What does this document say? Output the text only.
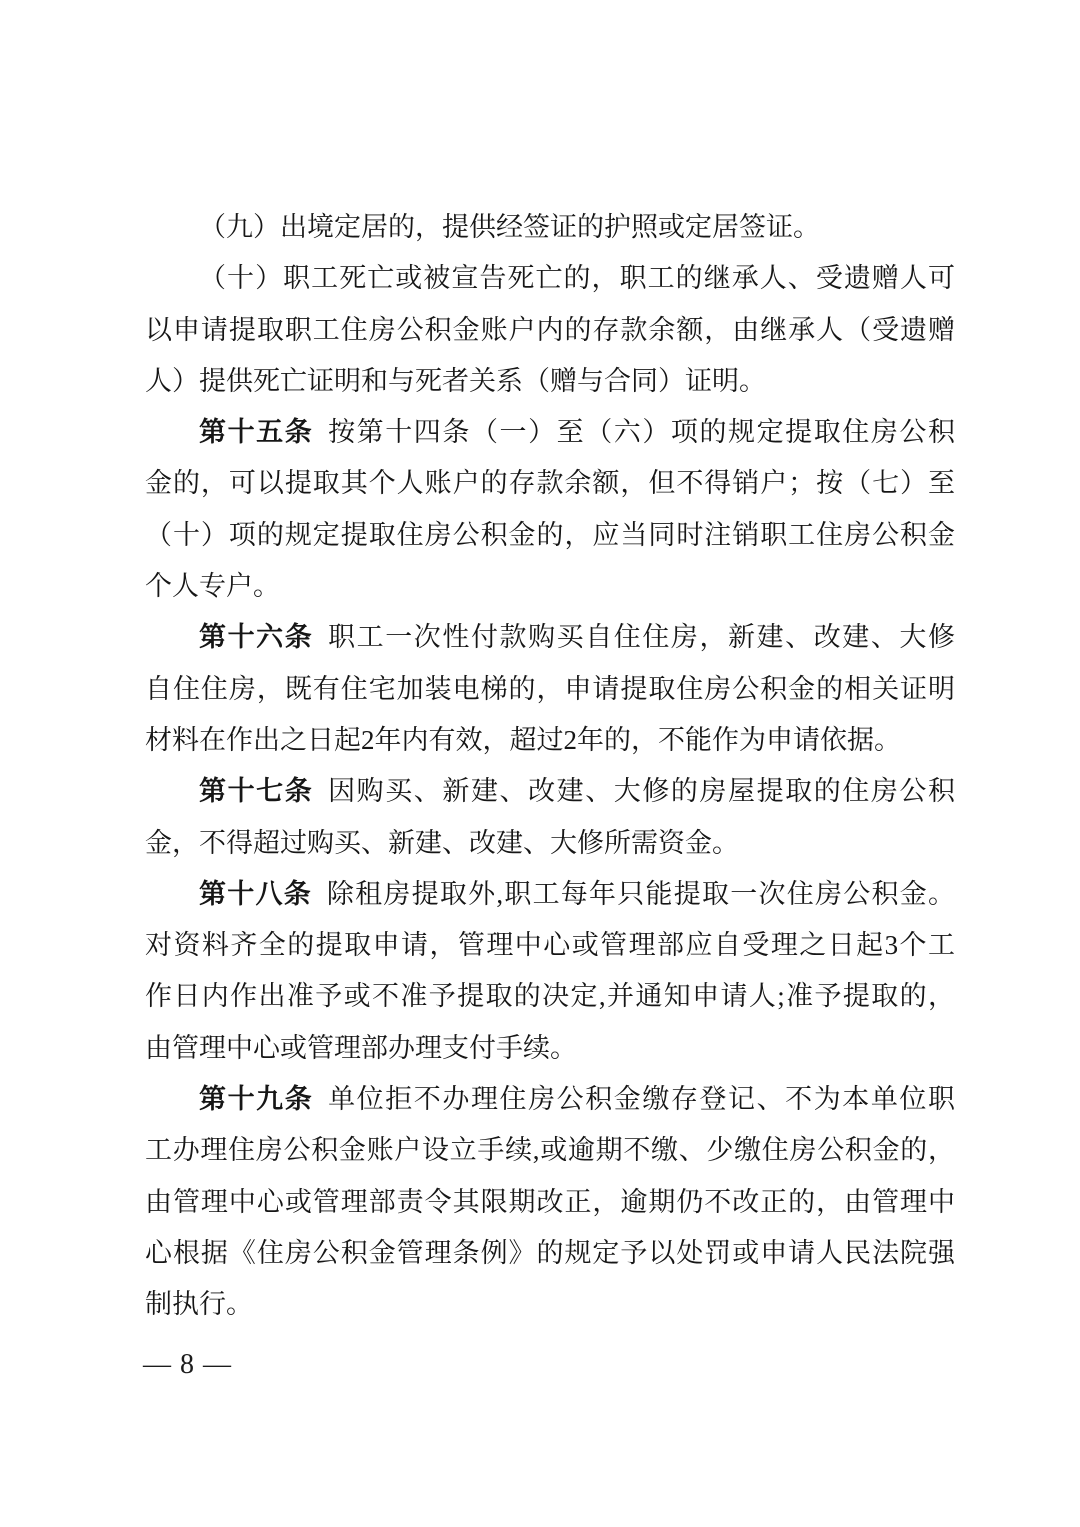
（九）出境定居的，提供经签证的护照或定居签证。
（十）职工死亡或被宣告死亡的，职工的继承人、受遗赠人可
以申请提取职工住房公积金账户内的存款余额，由继承人（受遗赠
人）提供死亡证明和与死者关系（赠与合同）证明。
第十五条 按第十四条（一）至（六）项的规定提取住房公积
金的，可以提取其个人账户的存款余额，但不得销户；按（七）至
（十）项的规定提取住房公积金的，应当同时注销职工住房公积金
个人专户。
第十六条 职工一次性付款购买自住住房，新建、改建、大修
自住住房，既有住宅加装电梯的，申请提取住房公积金的相关证明
材料在作出之日起2年内有效，超过2年的，不能作为申请依据。
第十七条 因购买、新建、改建、大修的房屋提取的住房公积
金，不得超过购买、新建、改建、大修所需资金。
第十八条 除租房提取外,职工每年只能提取一次住房公积金。
对资料齐全的提取申请，管理中心或管理部应自受理之日起3个工
作日内作出准予或不准予提取的决定,并通知申请人;准予提取的，
由管理中心或管理部办理支付手续。
第十九条 单位拒不办理住房公积金缴存登记、不为本单位职
工办理住房公积金账户设立手续,或逾期不缴、少缴住房公积金的，
由管理中心或管理部责令其限期改正，逾期仍不改正的，由管理中
心根据《住房公积金管理条例》的规定予以处罚或申请人民法院强
制执行。
— 8 —
